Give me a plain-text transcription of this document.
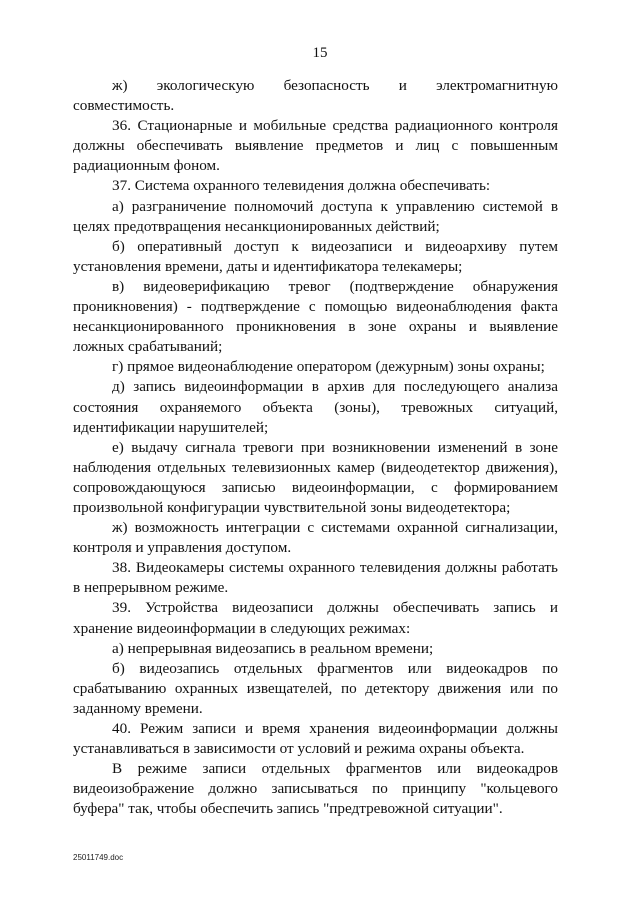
15

ж) экологическую безопасность и электромагнитную совместимость.

36. Стационарные и мобильные средства радиационного контроля должны обеспечивать выявление предметов и лиц с повышенным радиационным фоном.

37. Система охранного телевидения должна обеспечивать:

а) разграничение полномочий доступа к управлению системой в целях предотвращения несанкционированных действий;

б) оперативный доступ к видеозаписи и видеоархиву путем установления времени, даты и идентификатора телекамеры;

в) видеоверификацию тревог (подтверждение обнаружения проникновения) - подтверждение с помощью видеонаблюдения факта несанкционированного проникновения в зоне охраны и выявление ложных срабатываний;

г) прямое видеонаблюдение оператором (дежурным) зоны охраны;

д) запись видеоинформации в архив для последующего анализа состояния охраняемого объекта (зоны), тревожных ситуаций, идентификации нарушителей;

е) выдачу сигнала тревоги при возникновении изменений в зоне наблюдения отдельных телевизионных камер (видеодетектор движения), сопровождающуюся записью видеоинформации, с формированием произвольной конфигурации чувствительной зоны видеодетектора;

ж) возможность интеграции с системами охранной сигнализации, контроля и управления доступом.

38. Видеокамеры системы охранного телевидения должны работать в непрерывном режиме.

39. Устройства видеозаписи должны обеспечивать запись и хранение видеоинформации в следующих режимах:

а) непрерывная видеозапись в реальном времени;

б) видеозапись отдельных фрагментов или видеокадров по срабатыванию охранных извещателей, по детектору движения или по заданному времени.

40. Режим записи и время хранения видеоинформации должны устанавливаться в зависимости от условий и режима охраны объекта.

В режиме записи отдельных фрагментов или видеокадров видеоизображение должно записываться по принципу "кольцевого буфера" так, чтобы обеспечить запись "предтревожной ситуации".

25011749.doc
